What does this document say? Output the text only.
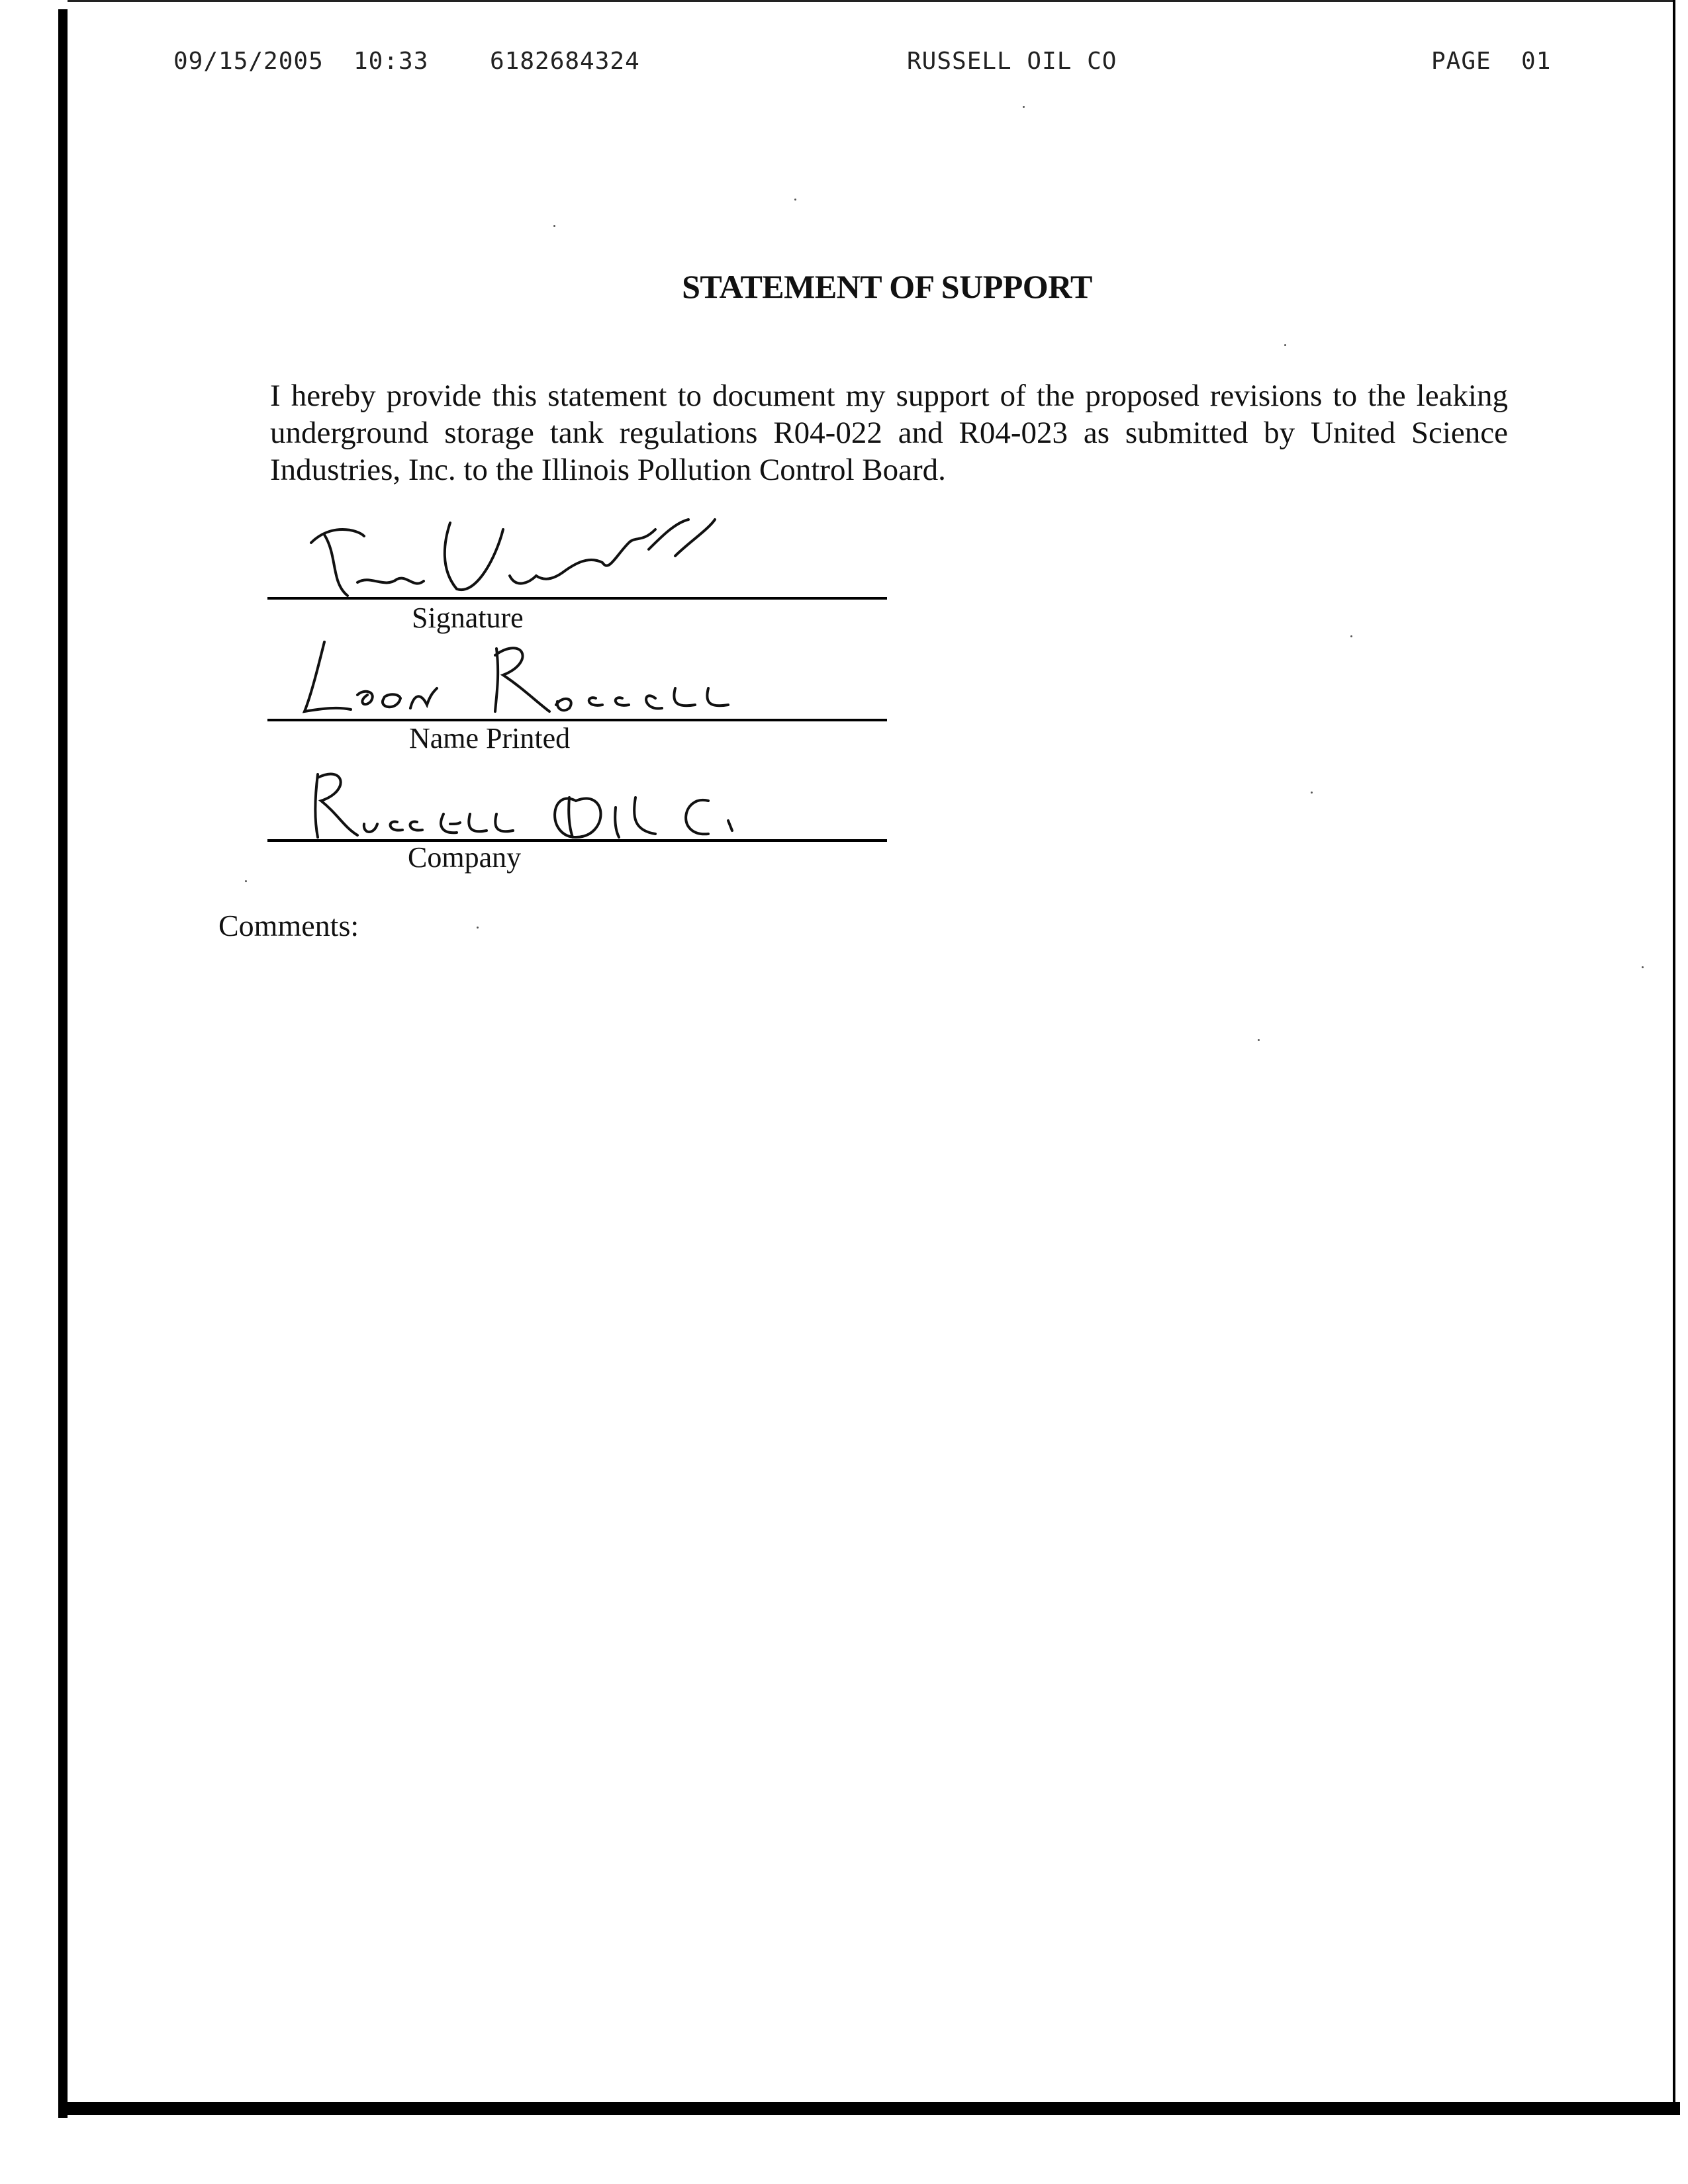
09/15/2005 10:33	6182684324	RUSSELL OIL CO	PAGE  01
STATEMENT OF SUPPORT
I hereby provide this statement to document my support of the proposed revisions to the leaking underground storage tank regulations R04-022 and R04-023 as submitted by United Science Industries, Inc. to the Illinois Pollution Control Board.
Signature
Name Printed
Company
Comments:
